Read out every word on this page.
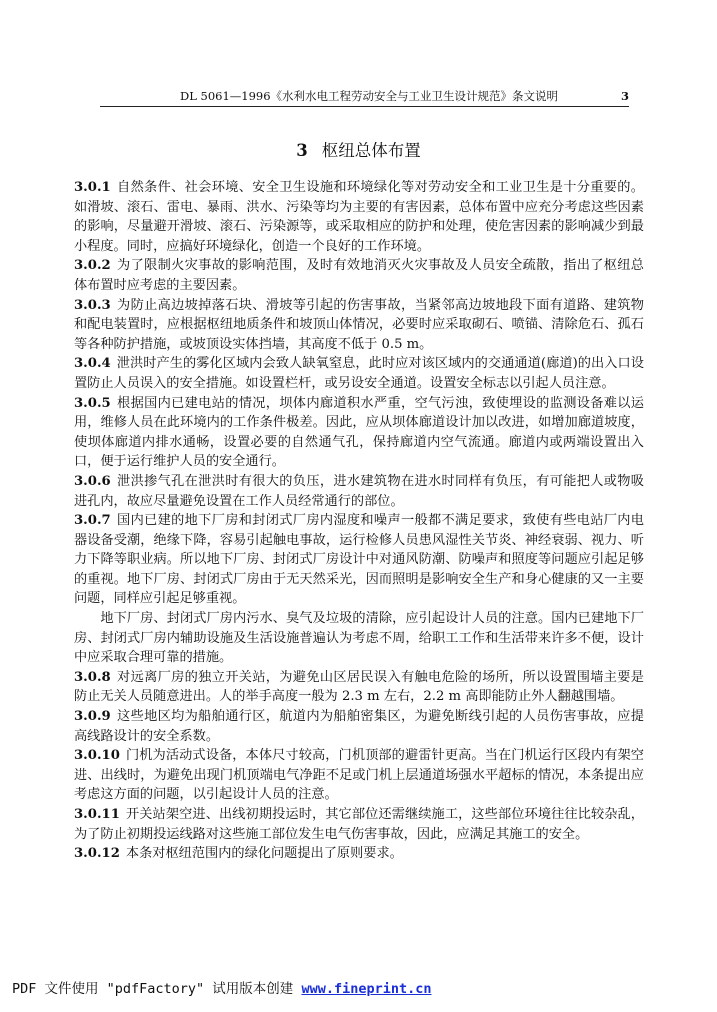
DL 5061—1996《水利水电工程劳动安全与工业卫生设计规范》条文说明	3
3 枢纽总体布置

3.0.1 自然条件、社会环境、安全卫生设施和环境绿化等对劳动安全和工业卫生是十分重要的。如滑坡、滚石、雷电、暴雨、洪水、污染等均为主要的有害因素，总体布置中应充分考虑这些因素的影响，尽量避开滑坡、滚石、污染源等，或采取相应的防护和处理，使危害因素的影响减少到最小程度。同时，应搞好环境绿化，创造一个良好的工作环境。

3.0.2 为了限制火灾事故的影响范围，及时有效地消灭火灾事故及人员安全疏散，指出了枢纽总体布置时应考虑的主要因素。

3.0.3 为防止高边坡掉落石块、滑坡等引起的伤害事故，当紧邻高边坡地段下面有道路、建筑物和配电装置时，应根据枢纽地质条件和坡顶山体情况，必要时应采取砌石、喷锚、清除危石、孤石等各种防护措施，或坡顶设实体挡墙，其高度不低于 0.5 m。

3.0.4 泄洪时产生的雾化区域内会致人缺氧窒息，此时应对该区域内的交通通道(廊道)的出入口设置防止人员误入的安全措施。如设置栏杆，或另设安全通道。设置安全标志以引起人员注意。

3.0.5 根据国内已建电站的情况，坝体内廊道积水严重，空气污浊，致使埋设的监测设备难以运用，维修人员在此环境内的工作条件极差。因此，应从坝体廊道设计加以改进，如增加廊道坡度，使坝体廊道内排水通畅，设置必要的自然通气孔，保持廊道内空气流通。廊道内或两端设置出入口，便于运行维护人员的安全通行。

3.0.6 泄洪掺气孔在泄洪时有很大的负压，进水建筑物在进水时同样有负压，有可能把人或物吸进孔内，故应尽量避免设置在工作人员经常通行的部位。

3.0.7 国内已建的地下厂房和封闭式厂房内湿度和噪声一般都不满足要求，致使有些电站厂内电器设备受潮，绝缘下降，容易引起触电事故，运行检修人员患风湿性关节炎、神经衰弱、视力、听力下降等职业病。所以地下厂房、封闭式厂房设计中对通风防潮、防噪声和照度等问题应引起足够的重视。地下厂房、封闭式厂房由于无天然采光，因而照明是影响安全生产和身心健康的又一主要问题，同样应引起足够重视。

地下厂房、封闭式厂房内污水、臭气及垃圾的清除，应引起设计人员的注意。国内已建地下厂房、封闭式厂房内辅助设施及生活设施普遍认为考虑不周，给职工工作和生活带来许多不便，设计中应采取合理可靠的措施。

3.0.8 对远离厂房的独立开关站，为避免山区居民误入有触电危险的场所，所以设置围墙主要是防止无关人员随意进出。人的举手高度一般为 2.3 m 左右，2.2 m 高即能防止外人翻越围墙。

3.0.9 这些地区均为船舶通行区，航道内为船舶密集区，为避免断线引起的人员伤害事故，应提高线路设计的安全系数。

3.0.10 门机为活动式设备，本体尺寸较高，门机顶部的避雷针更高。当在门机运行区段内有架空进、出线时，为避免出现门机顶端电气净距不足或门机上层通道场强水平超标的情况，本条提出应考虑这方面的问题，以引起设计人员的注意。

3.0.11 开关站架空进、出线初期投运时，其它部位还需继续施工，这些部位环境往往比较杂乱，为了防止初期投运线路对这些施工部位发生电气伤害事故，因此，应满足其施工的安全。

3.0.12 本条对枢纽范围内的绿化问题提出了原则要求。

PDF 文件使用 "pdfFactory" 试用版本创建 www.fineprint.cn
